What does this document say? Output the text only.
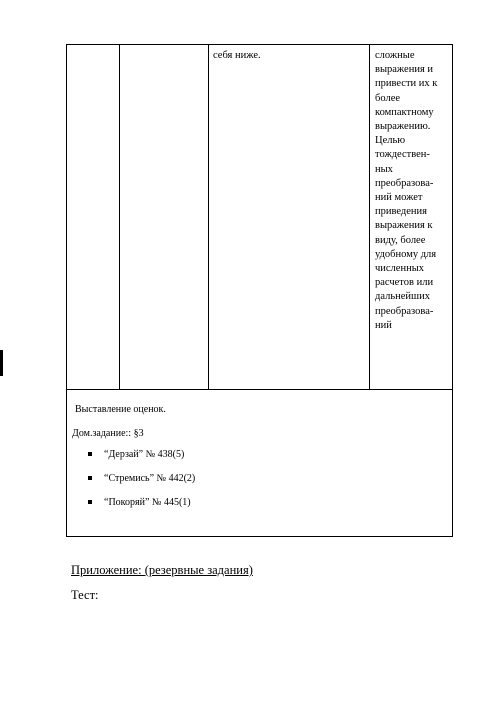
себя ниже.	сложные
выражения и
привести их к
более
компактному
выражению.
Целью
тождествен-
ных
преобразова-
ний может
приведения
выражения к
виду, более
удобному для
численных
расчетов или
дальнейших
преобразова-
ний
Выставление оценок.
Дом.задание:: §3
“Дерзай” № 438(5)
“Стремись” № 442(2)
“Покоряй” № 445(1)
Приложение: (резервные задания)
Тест:
